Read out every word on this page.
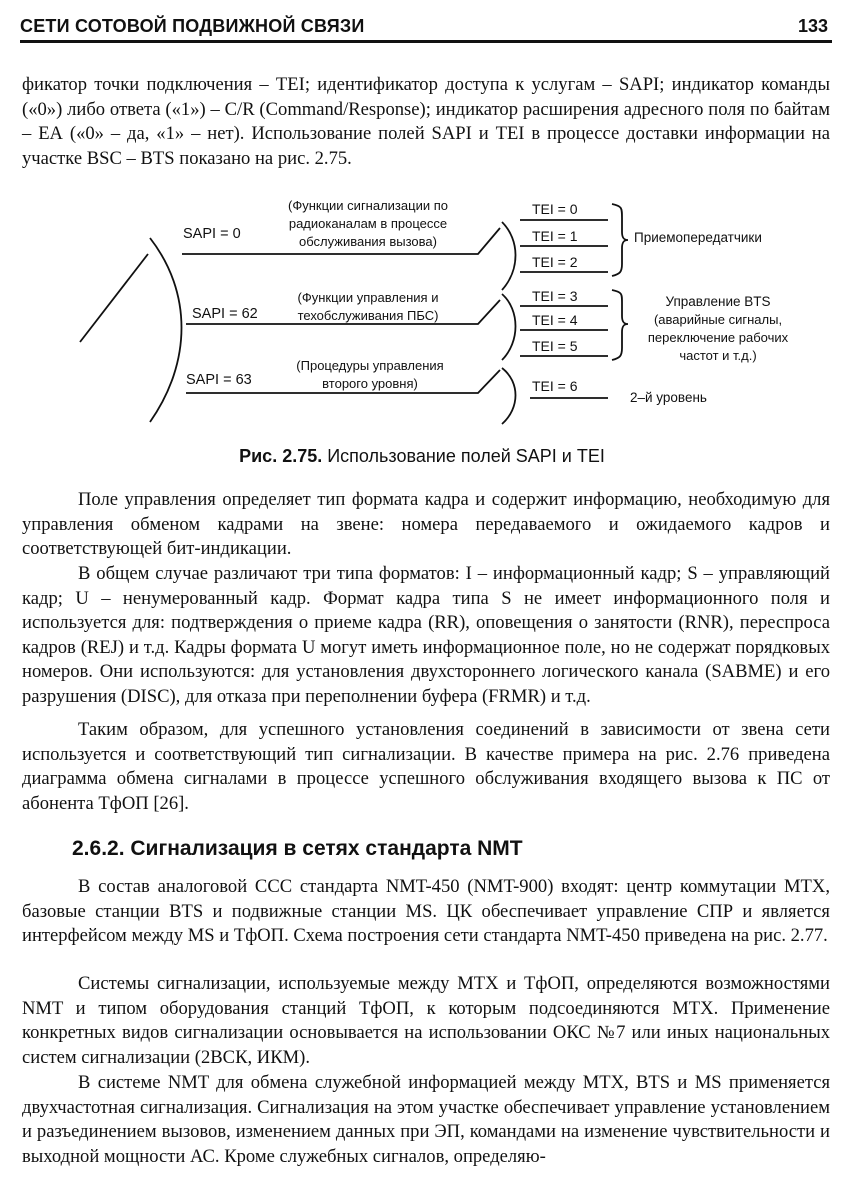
СЕТИ СОТОВОЙ ПОДВИЖНОЙ СВЯЗИ	133

фикатор точки подключения – TEI; идентификатор доступа к услугам – SAPI; индикатор команды («0») либо ответа («1») – C/R (Command/Response); индикатор расширения адресного поля по байтам – ЕА («0» – да, «1» – нет). Использование полей SAPI и TEI в процессе доставки информации на участке BSC – BTS показано на рис. 2.75.

SAPI = 0
(Функции сигнализации по
радиоканалам в процессе
обслуживания вызова)
SAPI = 62
(Функции управления и
техобслуживания ПБС)
SAPI = 63
(Процедуры управления
второго уровня)
TEI = 0
TEI = 1
TEI = 2
TEI = 3
TEI = 4
TEI = 5
TEI = 6
Приемопередатчики
Управление BTS
(аварийные сигналы,
переключение рабочих
частот и т.д.)
2–й уровень
Рис. 2.75. Использование полей SAPI и TEI

Поле управления определяет тип формата кадра и содержит информацию, необходимую для управления обменом кадрами на звене: номера передаваемого и ожидаемого кадров и соответствующей бит-индикации.

В общем случае различают три типа форматов: I – информационный кадр; S – управляющий кадр; U – ненумерованный кадр. Формат кадра типа S не имеет информационного поля и используется для: подтверждения о приеме кадра (RR), оповещения о занятости (RNR), переспроса кадров (REJ) и т.д. Кадры формата U могут иметь информационное поле, но не содержат порядковых номеров. Они используются: для установления двухстороннего логического канала (SABME) и его разрушения (DISC), для отказа при переполнении буфера (FRMR) и т.д.

Таким образом, для успешного установления соединений в зависимости от звена сети используется и соответствующий тип сигнализации. В качестве примера на рис. 2.76 приведена диаграмма обмена сигналами в процессе успешного обслуживания входящего вызова к ПС от абонента ТфОП [26].

2.6.2. Сигнализация в сетях стандарта NMT

В состав аналоговой ССС стандарта NMT-450 (NMT-900) входят: центр коммутации МТХ, базовые станции BTS и подвижные станции MS. ЦК обеспечивает управление СПР и является интерфейсом между MS и ТфОП. Схема построения сети стандарта NMT-450 приведена на рис. 2.77.

Системы сигнализации, используемые между МТХ и ТфОП, определяются возможностями NMT и типом оборудования станций ТфОП, к которым подсоединяются МТХ. Применение конкретных видов сигнализации основывается на использовании ОКС №7 или иных национальных систем сигнализации (2ВСК, ИКМ).

В системе NMT для обмена служебной информацией между МТХ, BTS и MS применяется двухчастотная сигнализация. Сигнализация на этом участке обеспечивает управление установлением и разъединением вызовов, изменением данных при ЭП, командами на изменение чувствительности и выходной мощности АС. Кроме служебных сигналов, определяю-
